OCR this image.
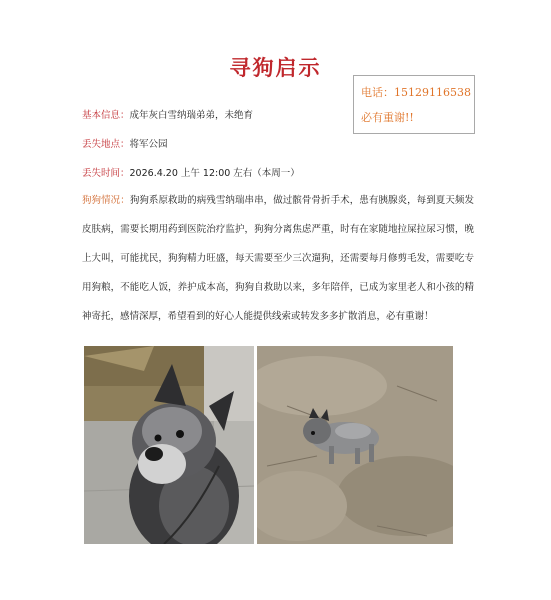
寻狗启示
电话：15129116538
必有重谢!!
基本信息：成年灰白雪纳瑞弟弟，未绝育
丢失地点：将军公园
丢失时间：2026.4.20 上午 12:00 左右（本周一）
狗狗情况：狗狗系原救助的病残雪纳瑞串串，做过髌骨骨折手术，患有胰腺炎，每到夏天频发皮肤病，需要长期用药到医院治疗监护，狗狗分离焦虑严重，时有在家随地拉屎拉尿习惯，晚上大叫，可能扰民，狗狗精力旺盛，每天需要至少三次遛狗，还需要每月修剪毛发，需要吃专用狗粮，不能吃人饭，养护成本高，狗狗自救助以来，多年陪伴，已成为家里老人和小孩的精神寄托，感情深厚，希望看到的好心人能提供线索或转发多多扩散消息，必有重谢！
